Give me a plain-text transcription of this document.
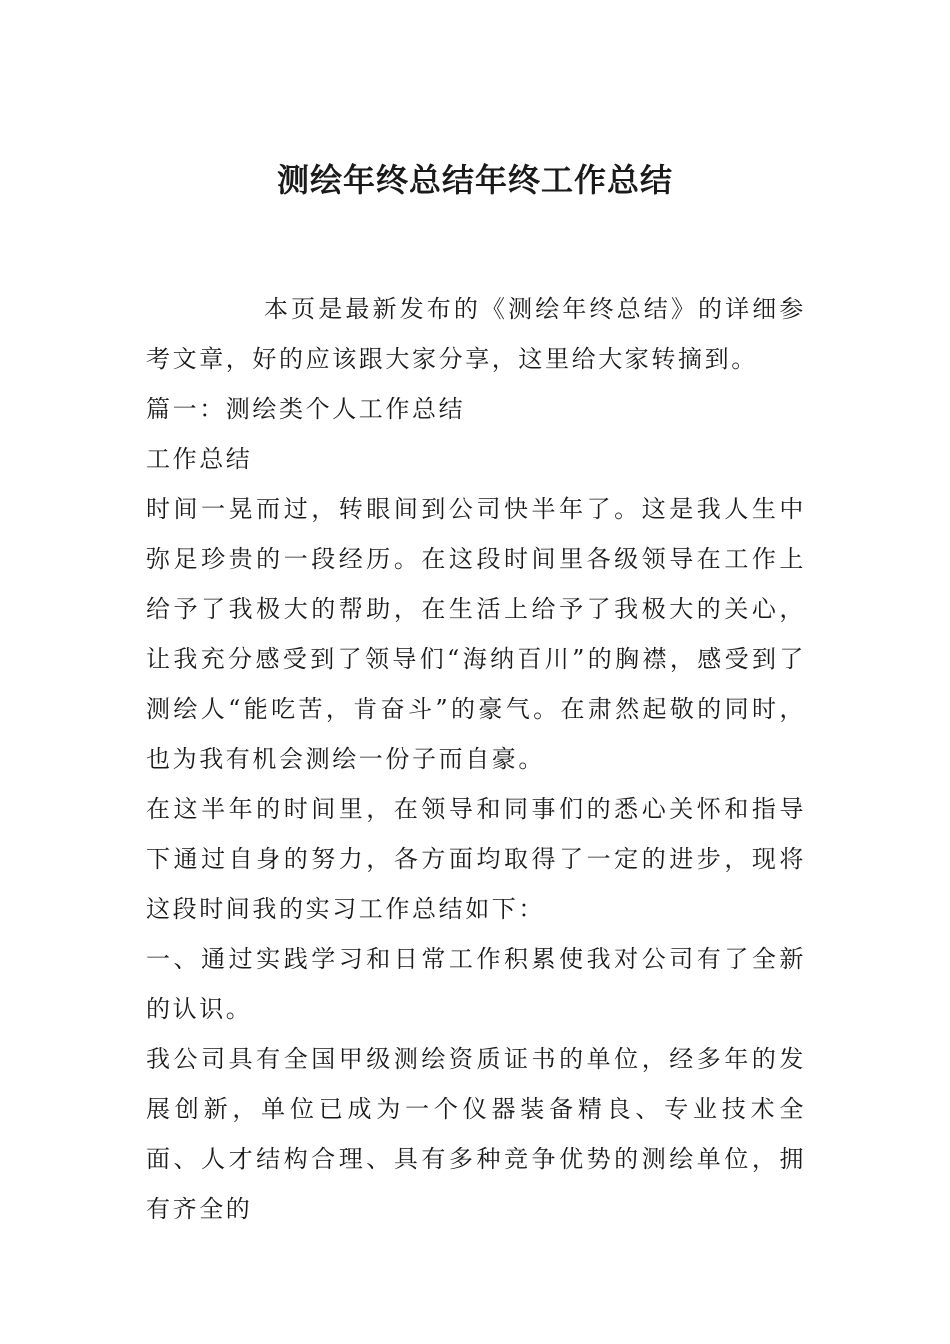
测绘年终总结年终工作总结

本页是最新发布的《测绘年终总结》的详细参考文章，好的应该跟大家分享，这里给大家转摘到。

篇一：测绘类个人工作总结

工作总结

时间一晃而过，转眼间到公司快半年了。这是我人生中弥足珍贵的一段经历。在这段时间里各级领导在工作上给予了我极大的帮助，在生活上给予了我极大的关心，让我充分感受到了领导们“海纳百川”的胸襟，感受到了测绘人“能吃苦，肯奋斗”的豪气。在肃然起敬的同时，也为我有机会测绘一份子而自豪。

在这半年的时间里，在领导和同事们的悉心关怀和指导下通过自身的努力，各方面均取得了一定的进步，现将这段时间我的实习工作总结如下：

一、通过实践学习和日常工作积累使我对公司有了全新的认识。

我公司具有全国甲级测绘资质证书的单位，经多年的发展创新，单位已成为一个仪器装备精良、专业技术全面、人才结构合理、具有多种竞争优势的测绘单位，拥有齐全的
